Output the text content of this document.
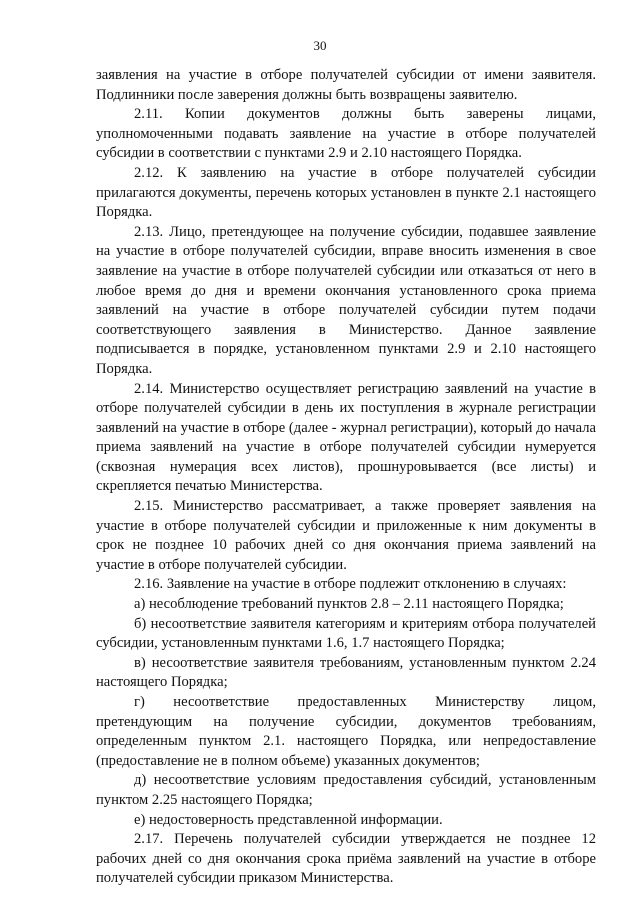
30

заявления на участие в отборе получателей субсидии от имени заявителя. Подлинники после заверения должны быть возвращены заявителю.

2.11. Копии документов должны быть заверены лицами, уполномоченными подавать заявление на участие в отборе получателей субсидии в соответствии с пунктами 2.9 и 2.10 настоящего Порядка.

2.12. К заявлению на участие в отборе получателей субсидии прилагаются документы, перечень которых установлен в пункте 2.1 настоящего Порядка.

2.13. Лицо, претендующее на получение субсидии, подавшее заявление на участие в отборе получателей субсидии, вправе вносить изменения в свое заявление на участие в отборе получателей субсидии или отказаться от него в любое время до дня и времени окончания установленного срока приема заявлений на участие в отборе получателей субсидии путем подачи соответствующего заявления в Министерство. Данное заявление подписывается в порядке, установленном пунктами 2.9 и 2.10 настоящего Порядка.

2.14. Министерство осуществляет регистрацию заявлений на участие в отборе получателей субсидии в день их поступления в журнале регистрации заявлений на участие в отборе (далее - журнал регистрации), который до начала приема заявлений на участие в отборе получателей субсидии нумеруется (сквозная нумерация всех листов), прошнуровывается (все листы) и скрепляется печатью Министерства.

2.15. Министерство рассматривает, а также проверяет заявления на участие в отборе получателей субсидии и приложенные к ним документы в срок не позднее 10 рабочих дней со дня окончания приема заявлений на участие в отборе получателей субсидии.

2.16. Заявление на участие в отборе подлежит отклонению в случаях:

а) несоблюдение требований пунктов 2.8 – 2.11 настоящего Порядка;

б) несоответствие заявителя категориям и критериям отбора получателей субсидии, установленным пунктами 1.6, 1.7 настоящего Порядка;

в) несоответствие заявителя требованиям, установленным пунктом 2.24 настоящего Порядка;

г) несоответствие предоставленных Министерству лицом, претендующим на получение субсидии, документов требованиям, определенным пунктом 2.1. настоящего Порядка, или непредоставление (предоставление не в полном объеме) указанных документов;

д) несоответствие условиям предоставления субсидий, установленным пунктом 2.25 настоящего Порядка;

е) недостоверность представленной информации.

2.17. Перечень получателей субсидии утверждается не позднее 12 рабочих дней со дня окончания срока приёма заявлений на участие в отборе получателей субсидии приказом Министерства.
